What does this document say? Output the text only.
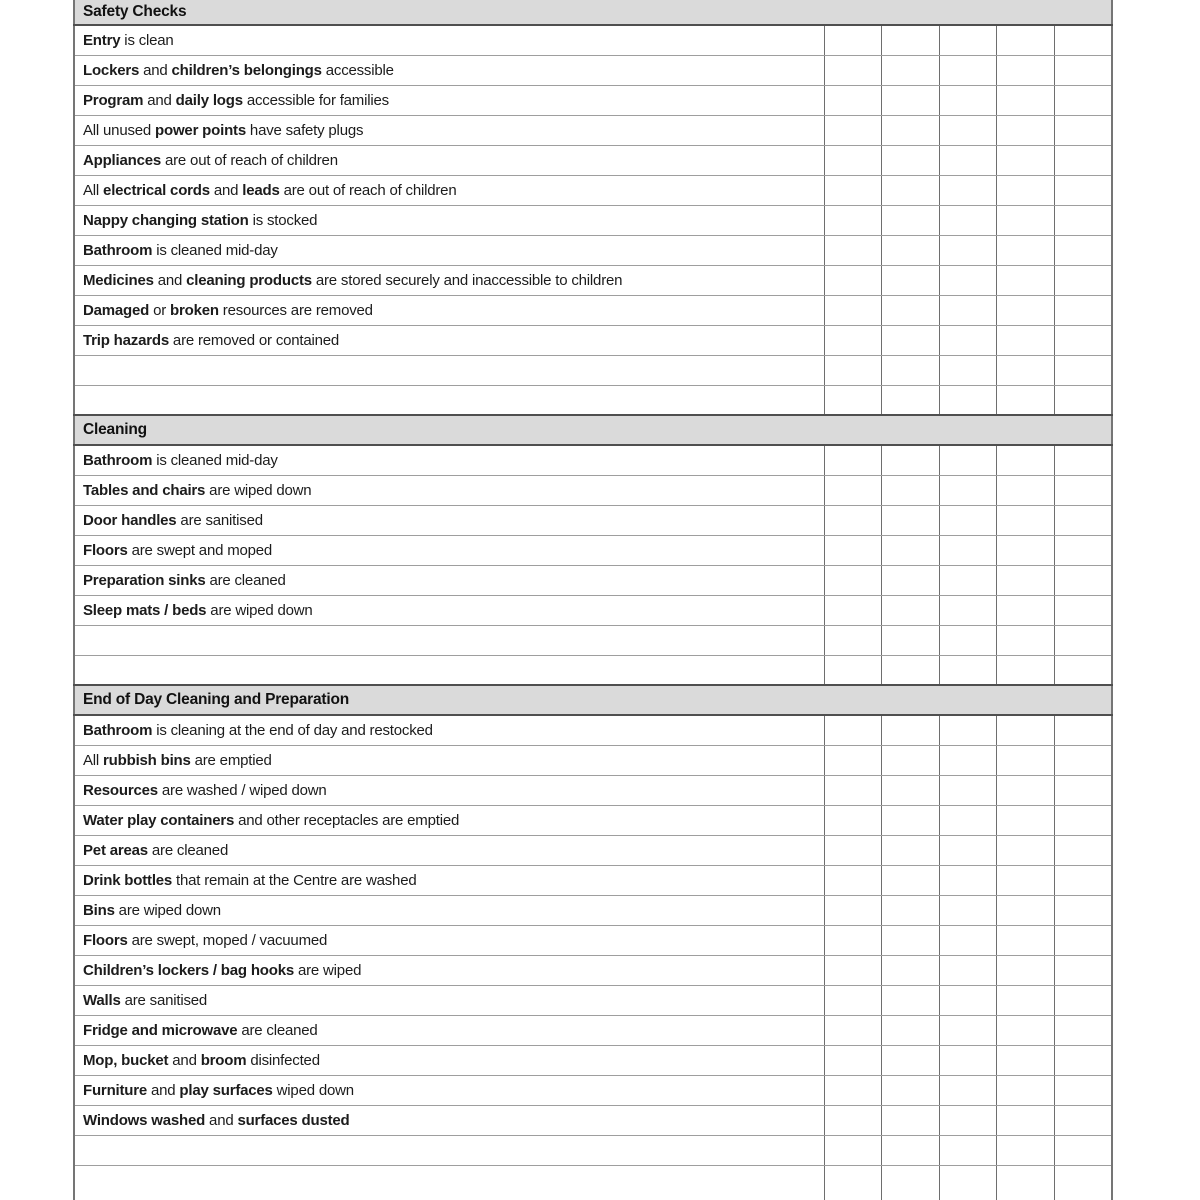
Safety Checks					
Entry is clean					
Lockers and children’s belongings accessible					
Program and daily logs accessible for families					
All unused power points have safety plugs					
Appliances are out of reach of children					
All electrical cords and leads are out of reach of children					
Nappy changing station is stocked					
Bathroom is cleaned mid-day					
Medicines and cleaning products are stored securely and inaccessible to children					
Damaged or broken resources are removed					
Trip hazards are removed or contained					

Cleaning					
Bathroom is cleaned mid-day					
Tables and chairs are wiped down					
Door handles are sanitised					
Floors are swept and moped					
Preparation sinks are cleaned					
Sleep mats / beds are wiped down					

End of Day Cleaning and Preparation					
Bathroom is cleaning at the end of day and restocked					
All rubbish bins are emptied					
Resources are washed / wiped down					
Water play containers and other receptacles are emptied					
Pet areas are cleaned					
Drink bottles that remain at the Centre are washed					
Bins are wiped down					
Floors are swept, moped / vacuumed					
Children’s lockers / bag hooks are wiped					
Walls are sanitised					
Fridge and microwave are cleaned					
Mop, bucket and broom disinfected					
Furniture and play surfaces wiped down					
Windows washed and surfaces dusted					
